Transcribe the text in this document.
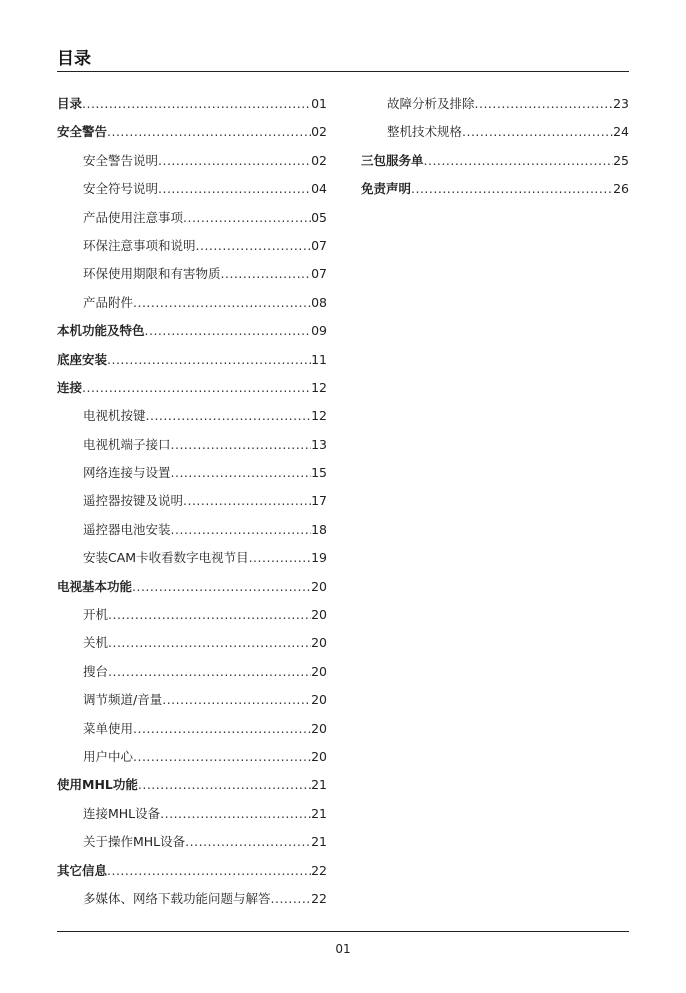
目录
目录 .....	01
安全警告 .....	02
安全警告说明 .....	02
安全符号说明 .....	04
产品使用注意事项 .....	05
环保注意事项和说明 .....	07
环保使用期限和有害物质 .....	07
产品附件 .....	08
本机功能及特色 .....	09
底座安装 .....	11
连接 .....	12
电视机按键 .....	12
电视机端子接口 .....	13
网络连接与设置 .....	15
遥控器按键及说明 .....	17
遥控器电池安装 .....	18
安装CAM卡收看数字电视节目 .....	19
电视基本功能 .....	20
开机 .....	20
关机 .....	20
搜台 .....	20
调节频道/音量 .....	20
菜单使用 .....	20
用户中心 .....	20
使用MHL功能 .....	21
连接MHL设备 .....	21
关于操作MHL设备 .....	21
其它信息 .....	22
多媒体、网络下载功能问题与解答 .....	22
故障分析及排除 .....	23
整机技术规格 .....	24
三包服务单 .....	25
免责声明 .....	26
01
